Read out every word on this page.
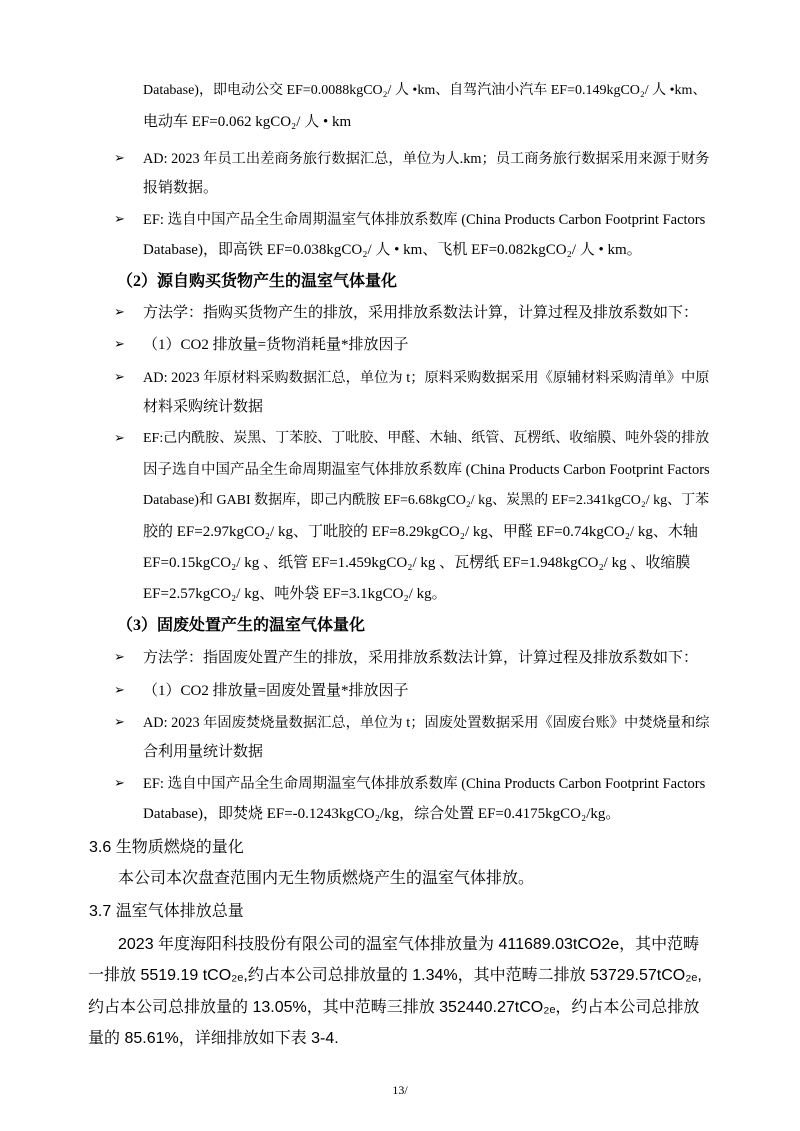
Database)，即电动公交 EF=0.0088kgCO₂/ 人 •km、自驾汽油小汽车 EF=0.149kgCO₂/ 人 •km、
电动车 EF=0.062 kgCO₂/ 人 • km
➢ AD: 2023 年员工出差商务旅行数据汇总，单位为人.km；员工商务旅行数据采用来源于财务
报销数据。
➢ EF: 选自中国产品全生命周期温室气体排放系数库 (China Products Carbon Footprint Factors
Database)，即高铁 EF=0.038kgCO₂/ 人 • km、飞机 EF=0.082kgCO₂/ 人 • km。
（2）源自购买货物产生的温室气体量化
➢ 方法学：指购买货物产生的排放，采用排放系数法计算，计算过程及排放系数如下：
➢ （1）CO2 排放量=货物消耗量*排放因子
➢ AD: 2023 年原材料采购数据汇总，单位为 t；原料采购数据采用《原辅材料采购清单》中原
材料采购统计数据
➢ EF:己内酰胺、炭黑、丁苯胶、丁吡胶、甲醛、木轴、纸管、瓦楞纸、收缩膜、吨外袋的排放
因子选自中国产品全生命周期温室气体排放系数库 (China Products Carbon Footprint Factors
Database)和 GABI 数据库，即己内酰胺 EF=6.68kgCO₂/ kg、炭黑的 EF=2.341kgCO₂/ kg、丁苯
胶的 EF=2.97kgCO₂/ kg、丁吡胶的 EF=8.29kgCO₂/ kg、甲醛 EF=0.74kgCO₂/ kg、木轴
EF=0.15kgCO₂/ kg 、纸管 EF=1.459kgCO₂/ kg 、瓦楞纸 EF=1.948kgCO₂/ kg 、收缩膜
EF=2.57kgCO₂/ kg、吨外袋 EF=3.1kgCO₂/ kg。
（3）固废处置产生的温室气体量化
➢ 方法学：指固废处置产生的排放，采用排放系数法计算，计算过程及排放系数如下：
➢ （1）CO2 排放量=固废处置量*排放因子
➢ AD: 2023 年固废焚烧量数据汇总，单位为 t；固废处置数据采用《固废台账》中焚烧量和综
合利用量统计数据
➢ EF: 选自中国产品全生命周期温室气体排放系数库 (China Products Carbon Footprint Factors
Database)，即焚烧 EF=-0.1243kgCO₂/kg，综合处置 EF=0.4175kgCO₂/kg。
3.6 生物质燃烧的量化
本公司本次盘查范围内无生物质燃烧产生的温室气体排放。
3.7 温室气体排放总量
2023 年度海阳科技股份有限公司的温室气体排放量为 411689.03tCO2e，其中范畴
一排放 5519.19 tCO₂ₑ,约占本公司总排放量的 1.34%，其中范畴二排放 53729.57tCO₂ₑ,
约占本公司总排放量的 13.05%，其中范畴三排放 352440.27tCO₂ₑ，约占本公司总排放
量的 85.61%，详细排放如下表 3-4.
13/
